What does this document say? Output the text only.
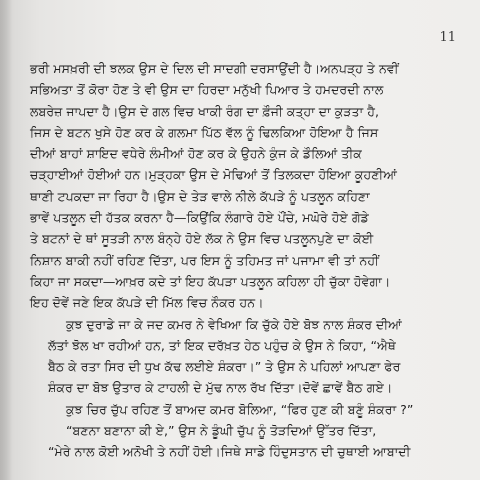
11

ਭਰੀ ਮਸਖ਼ਰੀ ਦੀ ਝਲਕ ਉਸ ਦੇ ਦਿਲ ਦੀ ਸਾਦਗੀ ਦਰਸਾਉਂਦੀ ਹੈ।ਅਨਪੜ੍ਹ ਤੇ ਨਵੀਂ
ਸਭਿਅਤਾ ਤੋਂ ਕੋਰਾ ਹੋਣ ਤੇ ਵੀ ਉਸ ਦਾ ਹਿਰਦਾ ਮਨੁੱਖੀ ਪਿਆਰ ਤੇ ਹਮਦਰਦੀ ਨਾਲ
ਲਬਰੇਜ਼ ਜਾਪਦਾ ਹੈ।ਉਸ ਦੇ ਗਲ ਵਿਚ ਖਾਕੀ ਰੰਗ ਦਾ ਫ਼ੌਜੀ ਕਤ੍ਹਾ ਦਾ ਕੁੜਤਾ ਹੈ,
ਜਿਸ ਦੇ ਬਟਨ ਖੁਸੇ ਹੋਣ ਕਰ ਕੇ ਗਲਮਾ ਪਿੱਠ ਵੱਲ ਨੂੰ ਢਿਲਕਿਆ ਹੋਇਆ ਹੈ ਜਿਸ
ਦੀਆਂ ਬਾਹਾਂ ਸ਼ਾਇਦ ਵਧੇਰੇ ਲੰਮੀਆਂ ਹੋਣ ਕਰ ਕੇ ਉਹਨੇ ਕੁੰਜ ਕੇ ਡੌਲਿਆਂ ਤੀਕ
ਚੜ੍ਹਾਈਆਂ ਹੋਈਆਂ ਹਨ।ਮੁੜ੍ਹਕਾ ਉਸ ਦੇ ਮੋਢਿਆਂ ਤੋਂ ਤਿਲਕਦਾ ਹੋਇਆ ਕੂਹਣੀਆਂ
ਥਾਣੀ ਟਪਕਦਾ ਜਾ ਰਿਹਾ ਹੈ।ਉਸ ਦੇ ਤੇੜ ਵਾਲੇ ਨੀਲੇ ਕੱਪੜੇ ਨੂੰ ਪਤਲੂਨ ਕਹਿਣਾ
ਭਾਵੇਂ ਪਤਲੂਨ ਦੀ ਹੱਤਕ ਕਰਨਾ ਹੈ—ਕਿਉਂਕਿ ਲੰਗਾਰੇ ਹੋਏ ਪੌਂਚੇ, ਮਘੋਰੇ ਹੋਏ ਗੋਡੇ
ਤੇ ਬਟਨਾਂ ਦੇ ਥਾਂ ਸੂਤੜੀ ਨਾਲ ਬੰਨ੍ਹੇ ਹੋਏ ਲੱਕ ਨੇ ਉਸ ਵਿਚ ਪਤਲੂਨਪੁਣੇ ਦਾ ਕੋਈ
ਨਿਸ਼ਾਨ ਬਾਕੀ ਨਹੀਂ ਰਹਿਣ ਦਿੱਤਾ, ਪਰ ਇਸ ਨੂੰ ਤਹਿਮਤ ਜਾਂ ਪਜਾਮਾ ਵੀ ਤਾਂ ਨਹੀਂ
ਕਿਹਾ ਜਾ ਸਕਦਾ—ਆਖ਼ਰ ਕਦੇ ਤਾਂ ਇਹ ਕੱਪੜਾ ਪਤਲੂਨ ਕਹਿਲਾ ਹੀ ਚੁੱਕਾ ਹੋਵੇਗਾ।
ਇਹ ਦੋਵੇਂ ਜਣੇ ਇਕ ਕੱਪੜੇ ਦੀ ਮਿੱਲ ਵਿਚ ਨੌਕਰ ਹਨ।

ਕੁਝ ਦੁਰਾਡੇ ਜਾ ਕੇ ਜਦ ਕਮਰ ਨੇ ਵੇਖਿਆ ਕਿ ਚੁੱਕੇ ਹੋਏ ਬੋਝ ਨਾਲ ਸ਼ੰਕਰ ਦੀਆਂ
ਲੱਤਾਂ ਝੋਲ ਖਾ ਰਹੀਆਂ ਹਨ, ਤਾਂ ਇਕ ਦਰੱਖ਼ਤ ਹੇਠ ਪਹੁੰਚ ਕੇ ਉਸ ਨੇ ਕਿਹਾ, “ਐਥੇ
ਬੈਠ ਕੇ ਰਤਾ ਸਿਰ ਦੀ ਧੁਖ ਕੱਢ ਲਈਏ ਸ਼ੰਕਰਾ।” ਤੇ ਉਸ ਨੇ ਪਹਿਲਾਂ ਆਪਣਾ ਫੇਰ
ਸ਼ੰਕਰ ਦਾ ਬੋਝ ਉਤਾਰ ਕੇ ਟਾਹਲੀ ਦੇ ਮੁੱਢ ਨਾਲ ਰੱਖ ਦਿੱਤਾ।ਦੋਵੇਂ ਛਾਵੇਂ ਬੈਠ ਗਏ।

ਕੁਝ ਚਿਰ ਚੁੱਪ ਰਹਿਣ ਤੋਂ ਬਾਅਦ ਕਮਰ ਬੋਲਿਆ, “ਫਿਰ ਹੁਣ ਕੀ ਬਣੂੰ ਸ਼ੰਕਰਾ ?”

“ਬਣਨਾ ਬਣਾਨਾ ਕੀ ਏ,” ਉਸ ਨੇ ਡੂੰਘੀ ਚੁੱਪ ਨੂੰ ਤੋੜਦਿਆਂ ਉੱਤਰ ਦਿੱਤਾ,
“ਮੇਰੇ ਨਾਲ ਕੋਈ ਅਨੋਖੀ ਤੇ ਨਹੀਂ ਹੋਈ।ਜਿਥੇ ਸਾਡੇ ਹਿੰਦੁਸਤਾਨ ਦੀ ਚੁਥਾਈ ਆਬਾਦੀ
